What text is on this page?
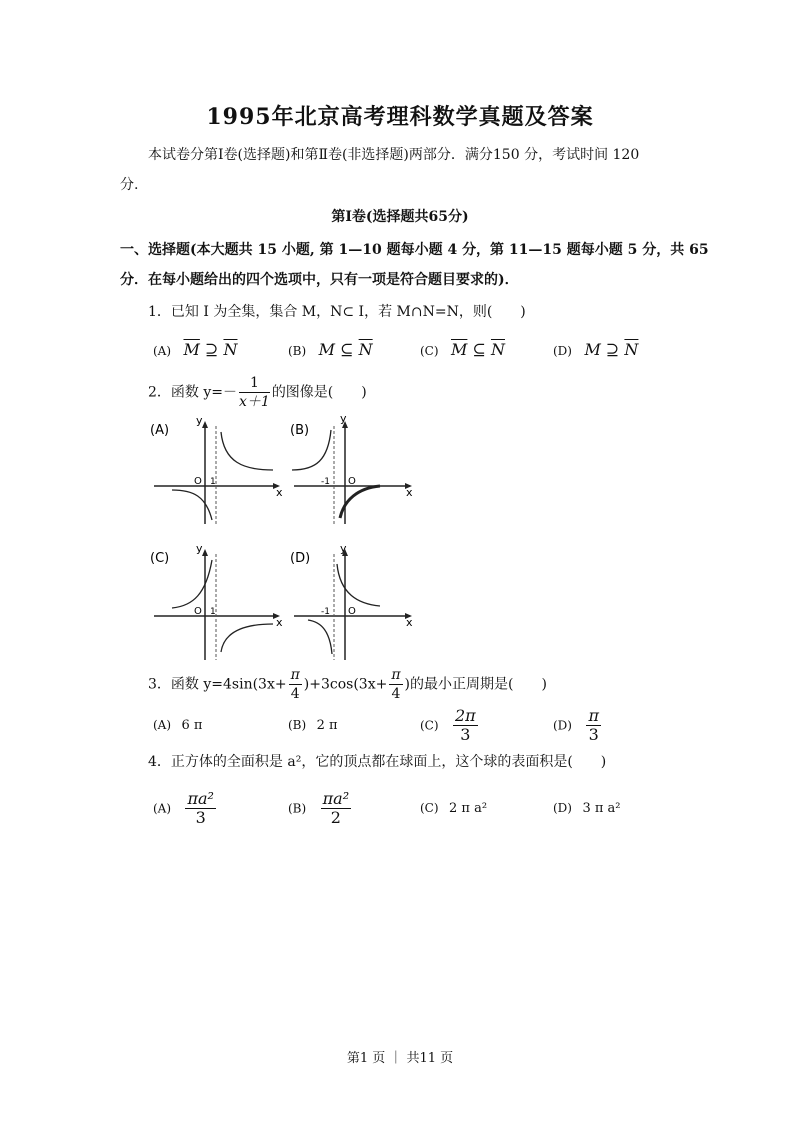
1995年北京高考理科数学真题及答案
本试卷分第Ⅰ卷(选择题)和第Ⅱ卷(非选择题)两部分．满分150 分，考试时间 120
分.
第Ⅰ卷(选择题共65分)
一、选择题(本大题共 15 小题, 第 1—10 题每小题 4 分，第 11—15 题每小题 5 分，共 65
分．在每小题给出的四个选项中，只有一项是符合题目要求的)．
1．已知 I 为全集，集合 M，N⊂ I，若 M∩N=N，则(　　)
(A) $\overline{M}$ ⊇ $\overline{N}$	(B) M ⊆ $\overline{N}$	(C) $\overline{M}$ ⊆ $\overline{N}$	(D) M ⊇ $\overline{N}$
2．函数 $y=- \frac{1}{x+1}$ 的图像是(　　)
(A)
x
y
O 1
(B)
x
y
O
-1
(C)
x
y
O 1
(D)
x
y
O
-1
3．函数 $y=4\sin(3x+ \frac{\pi}{4} )+3\cos(3x+ \frac{\pi}{4}$ )的最小正周期是(　　)
(A) 6 π	(B) 2 π	$(C) \frac{2\pi}{3}$	$(D) \frac{\pi}{3}$
4．正方体的全面积是 a²，它的顶点都在球面上，这个球的表面积是(　　)
$(A) \frac{\text{πa²}}{3}$	$(B) \frac{\text{πa²}}{2}$	(C) 2 π a²	(D) 3 π a²
第1 页 ｜ 共11 页
